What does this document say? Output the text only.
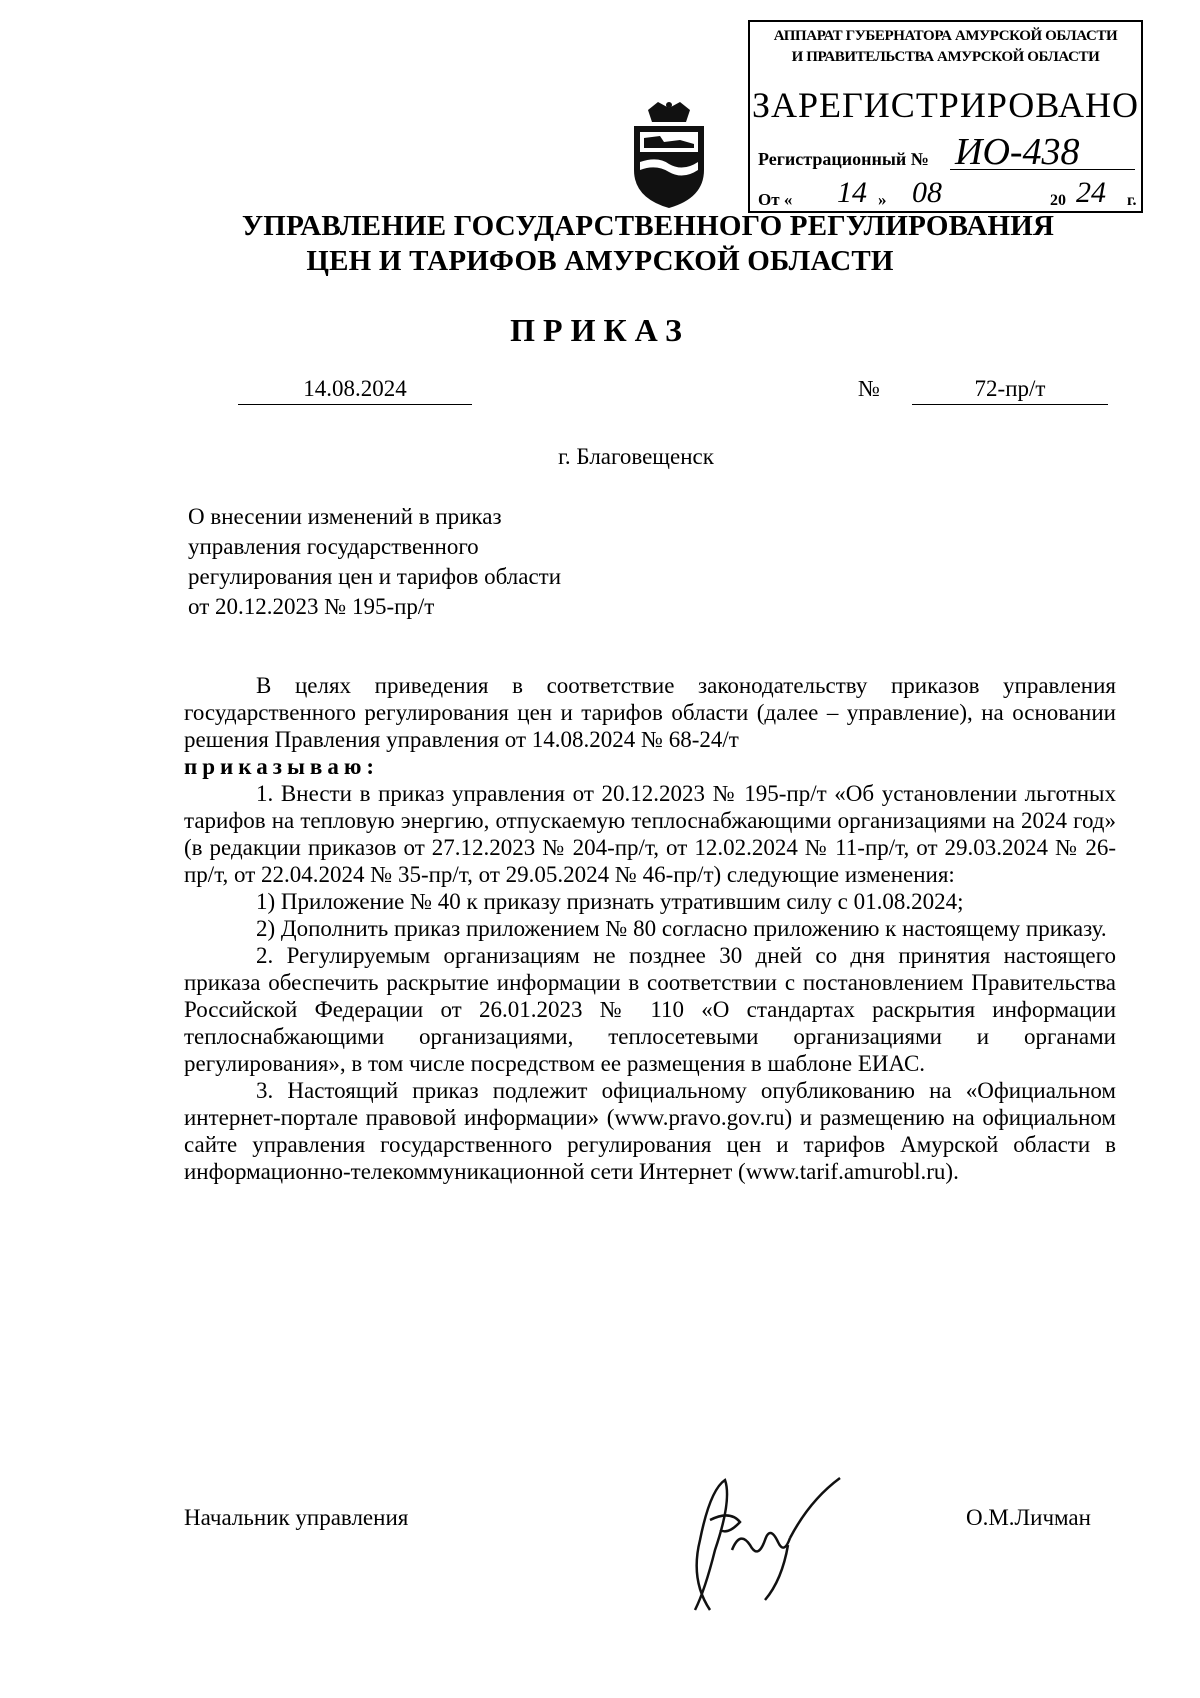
АППАРАТ ГУБЕРНАТОРА АМУРСКОЙ ОБЛАСТИ
И ПРАВИТЕЛЬСТВА АМУРСКОЙ ОБЛАСТИ
ЗАРЕГИСТРИРОВАНО
Регистрационный № ИО-438
От « 14 » 08	20 24 г.
УПРАВЛЕНИЕ ГОСУДАРСТВЕННОГО РЕГУЛИРОВАНИЯ
ЦЕН И ТАРИФОВ АМУРСКОЙ ОБЛАСТИ
ПРИКАЗ
14.08.2024	№	72-пр/т
г. Благовещенск
О внесении изменений в приказ
управления государственного
регулирования цен и тарифов области
от 20.12.2023 № 195-пр/т

В целях приведения в соответствие законодательству приказов управления государственного регулирования цен и тарифов области (далее – управление), на основании решения Правления управления от 14.08.2024 № 68-24/т

приказываю:

1. Внести в приказ управления от 20.12.2023 № 195-пр/т «Об установлении льготных тарифов на тепловую энергию, отпускаемую теплоснабжающими организациями на 2024 год» (в редакции приказов от 27.12.2023 № 204-пр/т, от 12.02.2024 № 11-пр/т, от 29.03.2024 № 26-пр/т, от 22.04.2024 № 35-пр/т, от 29.05.2024 № 46-пр/т) следующие изменения:

1) Приложение № 40 к приказу признать утратившим силу с 01.08.2024;

2) Дополнить приказ приложением № 80 согласно приложению к настоящему приказу.

2. Регулируемым организациям не позднее 30 дней со дня принятия настоящего приказа обеспечить раскрытие информации в соответствии с постановлением Правительства Российской Федерации от 26.01.2023 № 110 «О стандартах раскрытия информации теплоснабжающими организациями, теплосетевыми организациями и органами регулирования», в том числе посредством ее размещения в шаблоне ЕИАС.

3. Настоящий приказ подлежит официальному опубликованию на «Официальном интернет-портале правовой информации» (www.pravo.gov.ru) и размещению на официальном сайте управления государственного регулирования цен и тарифов Амурской области в информационно-телекоммуникационной сети Интернет (www.tarif.amurobl.ru).

Начальник управления	О.М.Личман
